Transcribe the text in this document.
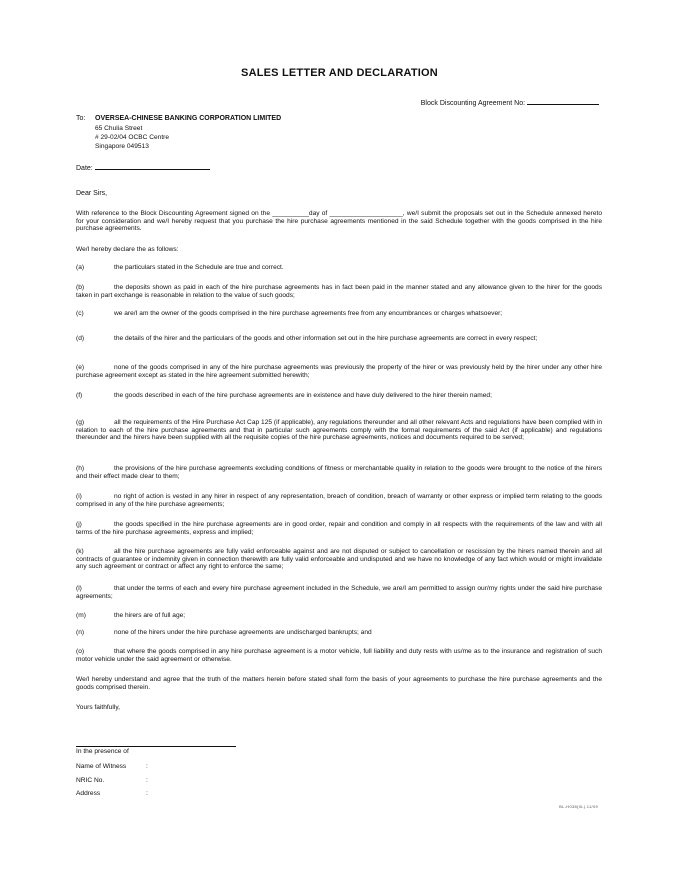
SALES LETTER AND DECLARATION
Block Discounting Agreement No:
To: OVERSEA-CHINESE BANKING CORPORATION LIMITED
65 Chulia Street
# 29-02/04 OCBC Centre
Singapore 049513
Date:
Dear Sirs,
With reference to the Block Discounting Agreement signed on the __________day of ____________________, we/I submit the proposals set out in the Schedule annexed hereto for your consideration and we/I hereby request that you purchase the hire purchase agreements mentioned in the said Schedule together with the goods comprised in the hire purchase agreements.
We/I hereby declare the as follows:
(a)	the particulars stated in the Schedule are true and correct.
(b)	the deposits shown as paid in each of the hire purchase agreements has in fact been paid in the manner stated and any allowance given to the hirer for the goods taken in part exchange is reasonable in relation to the value of such goods;
(c)	we are/I am the owner of the goods comprised in the hire purchase agreements free from any encumbrances or charges whatsoever;
(d)	the details of the hirer and the particulars of the goods and other information set out in the hire purchase agreements are correct in every respect;
(e)	none of the goods comprised in any of the hire purchase agreements was previously the property of the hirer or was previously held by the hirer under any other hire purchase agreement except as stated in the hire agreement submitted herewith;
(f)	the goods described in each of the hire purchase agreements are in existence and have duly delivered to the hirer therein named;
(g)	all the requirements of the Hire Purchase Act Cap 125 (if applicable), any regulations thereunder and all other relevant Acts and regulations have been complied with in relation to each of the hire purchase agreements and that in particular such agreements comply with the formal requirements of the said Act (if applicable) and regulations thereunder and the hirers have been supplied with all the requisite copies of the hire purchase agreements, notices and documents required to be served;
(h)	the provisions of the hire purchase agreements excluding conditions of fitness or merchantable quality in relation to the goods were brought to the notice of the hirers and their effect made clear to them;
(i)	no right of action is vested in any hirer in respect of any representation, breach of condition, breach of warranty or other express or implied term relating to the goods comprised in any of the hire purchase agreements;
(j)	the goods specified in the hire purchase agreements are in good order, repair and condition and comply in all respects with the requirements of the law and with all terms of the hire purchase agreements, express and implied;
(k)	all the hire purchase agreements are fully valid enforceable against and are not disputed or subject to cancellation or rescission by the hirers named therein and all contracts of guarantee or indemnity given in connection therewith are fully valid enforceable and undisputed and we have no knowledge of any fact which would or might invalidate any such agreement or contract or affect any right to enforce the same;
(l)	that under the terms of each and every hire purchase agreement included in the Schedule, we are/I am permitted to assign our/my rights under the said hire purchase agreements;
(m)	the hirers are of full age;
(n)	none of the hirers under the hire purchase agreements are undischarged bankrupts; and
(o)	that where the goods comprised in any hire purchase agreement is a motor vehicle, full liability and duty rests with us/me as to the insurance and registration of such motor vehicle under the said agreement or otherwise.
We/I hereby understand and agree that the truth of the matters herein before stated shall form the basis of your agreements to purchase the hire purchase agreements and the goods comprised therein.
Yours faithfully,
In the presence of
Name of Witness	:
NRIC No.	:
Address	:
BL-H038(0L).11/09
